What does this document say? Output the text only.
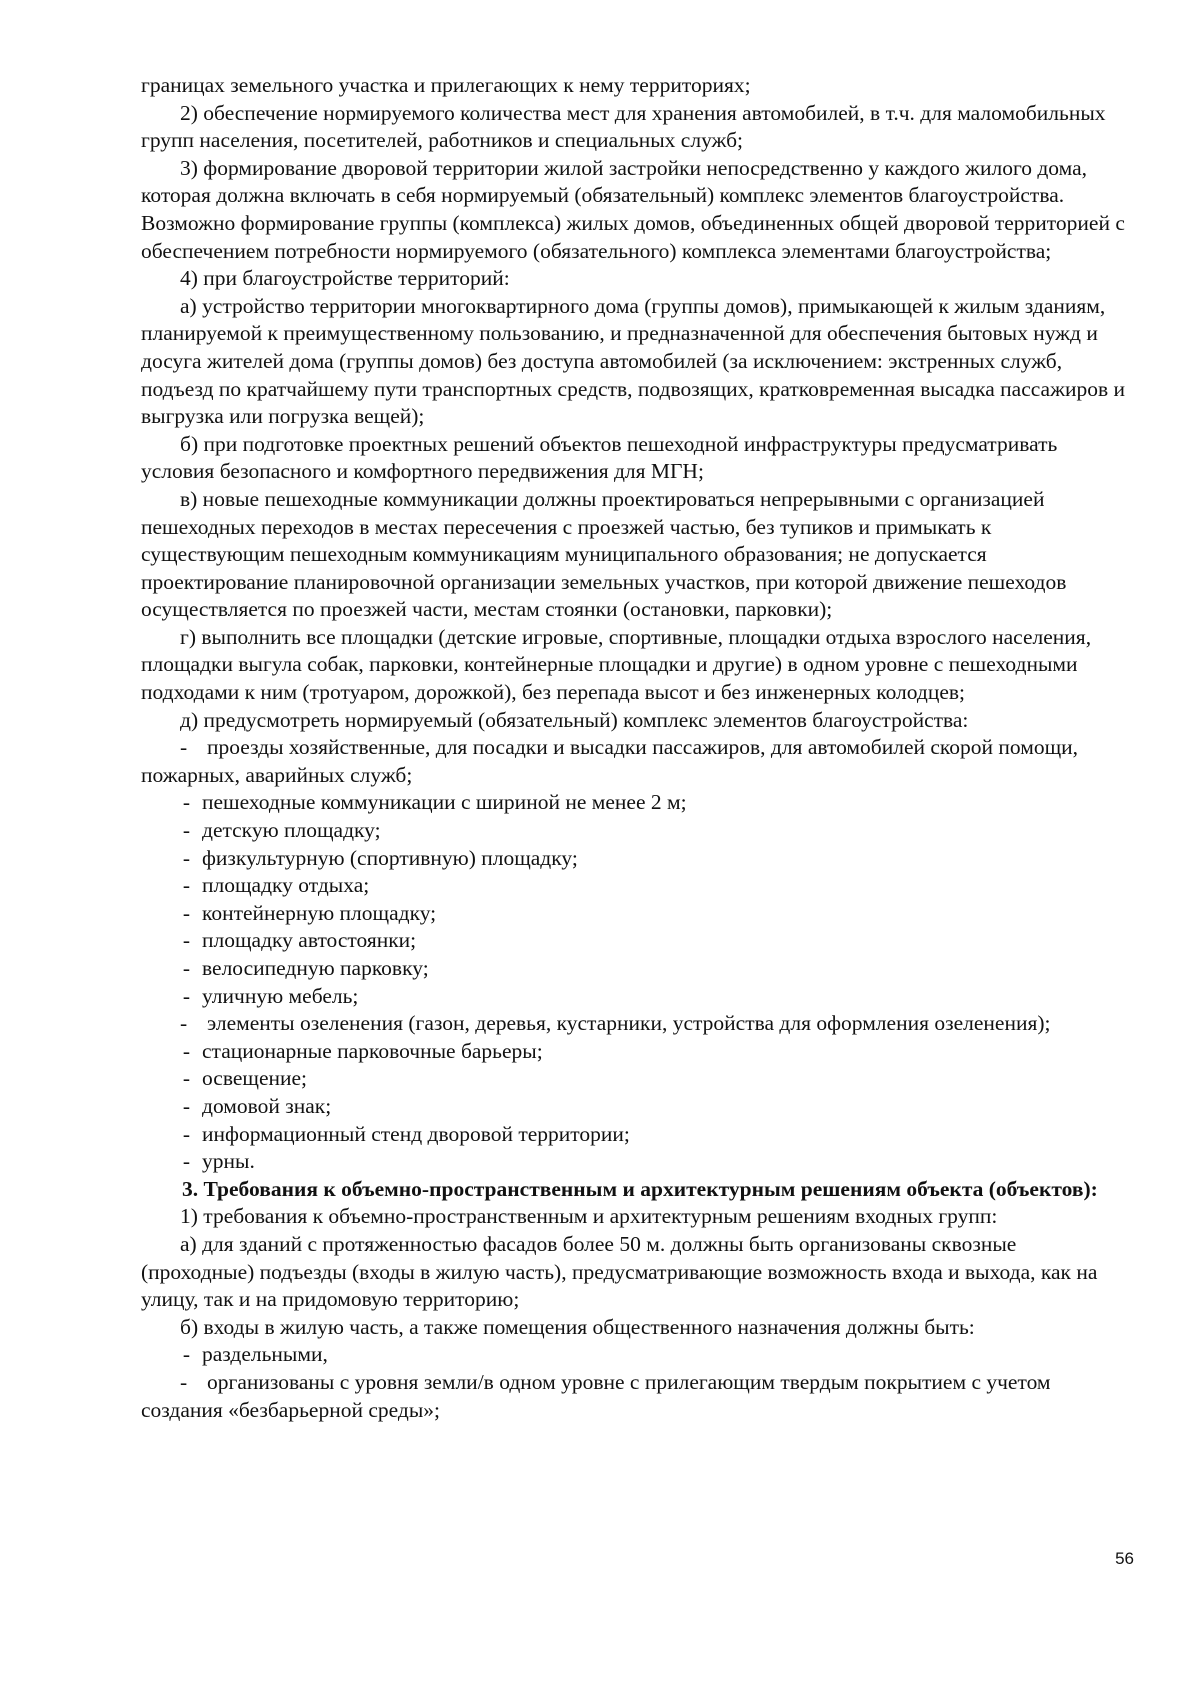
границах земельного участка и прилегающих к нему территориях;

2) обеспечение нормируемого количества мест для хранения автомобилей, в т.ч. для маломобильных групп населения, посетителей, работников и специальных служб;

3) формирование дворовой территории жилой застройки непосредственно у каждого жилого дома, которая должна включать в себя нормируемый (обязательный) комплекс элементов благоустройства. Возможно формирование группы (комплекса) жилых домов, объединенных общей дворовой территорией с обеспечением потребности нормируемого (обязательного) комплекса элементами благоустройства;

4) при благоустройстве территорий:

а) устройство территории многоквартирного дома (группы домов), примыкающей к жилым зданиям, планируемой к преимущественному пользованию, и предназначенной для обеспечения бытовых нужд и досуга жителей дома (группы домов) без доступа автомобилей (за исключением: экстренных служб, подъезд по кратчайшему пути транспортных средств, подвозящих, кратковременная высадка пассажиров и выгрузка или погрузка вещей);

б) при подготовке проектных решений объектов пешеходной инфраструктуры предусматривать условия безопасного и комфортного передвижения для МГН;

в) новые пешеходные коммуникации должны проектироваться непрерывными с организацией пешеходных переходов в местах пересечения с проезжей частью, без тупиков и примыкать к существующим пешеходным коммуникациям муниципального образования; не допускается проектирование планировочной организации земельных участков, при которой движение пешеходов осуществляется по проезжей части, местам стоянки (остановки, парковки);

г) выполнить все площадки (детские игровые, спортивные, площадки отдыха взрослого населения, площадки выгула собак, парковки, контейнерные площадки и другие) в одном уровне с пешеходными подходами к ним (тротуаром, дорожкой), без перепада высот и без инженерных колодцев;

д) предусмотреть нормируемый (обязательный) комплекс элементов благоустройства:

- проезды хозяйственные, для посадки и высадки пассажиров, для автомобилей скорой помощи, пожарных, аварийных служб;

- пешеходные коммуникации с шириной не менее 2 м;

- детскую площадку;

- физкультурную (спортивную) площадку;

- площадку отдыха;

- контейнерную площадку;

- площадку автостоянки;

- велосипедную парковку;

- уличную мебель;

- элементы озеленения (газон, деревья, кустарники, устройства для оформления озеленения);

- стационарные парковочные барьеры;

- освещение;

- домовой знак;

- информационный стенд дворовой территории;

- урны.

3. Требования к объемно-пространственным и архитектурным решениям объекта (объектов):

1) требования к объемно-пространственным и архитектурным решениям входных групп:

а) для зданий с протяженностью фасадов более 50 м. должны быть организованы сквозные (проходные) подъезды (входы в жилую часть), предусматривающие возможность входа и выхода, как на улицу, так и на придомовую территорию;

б) входы в жилую часть, а также помещения общественного назначения должны быть:

- раздельными,

- организованы с уровня земли/в одном уровне с прилегающим твердым покрытием с учетом создания «безбарьерной среды»;

56
